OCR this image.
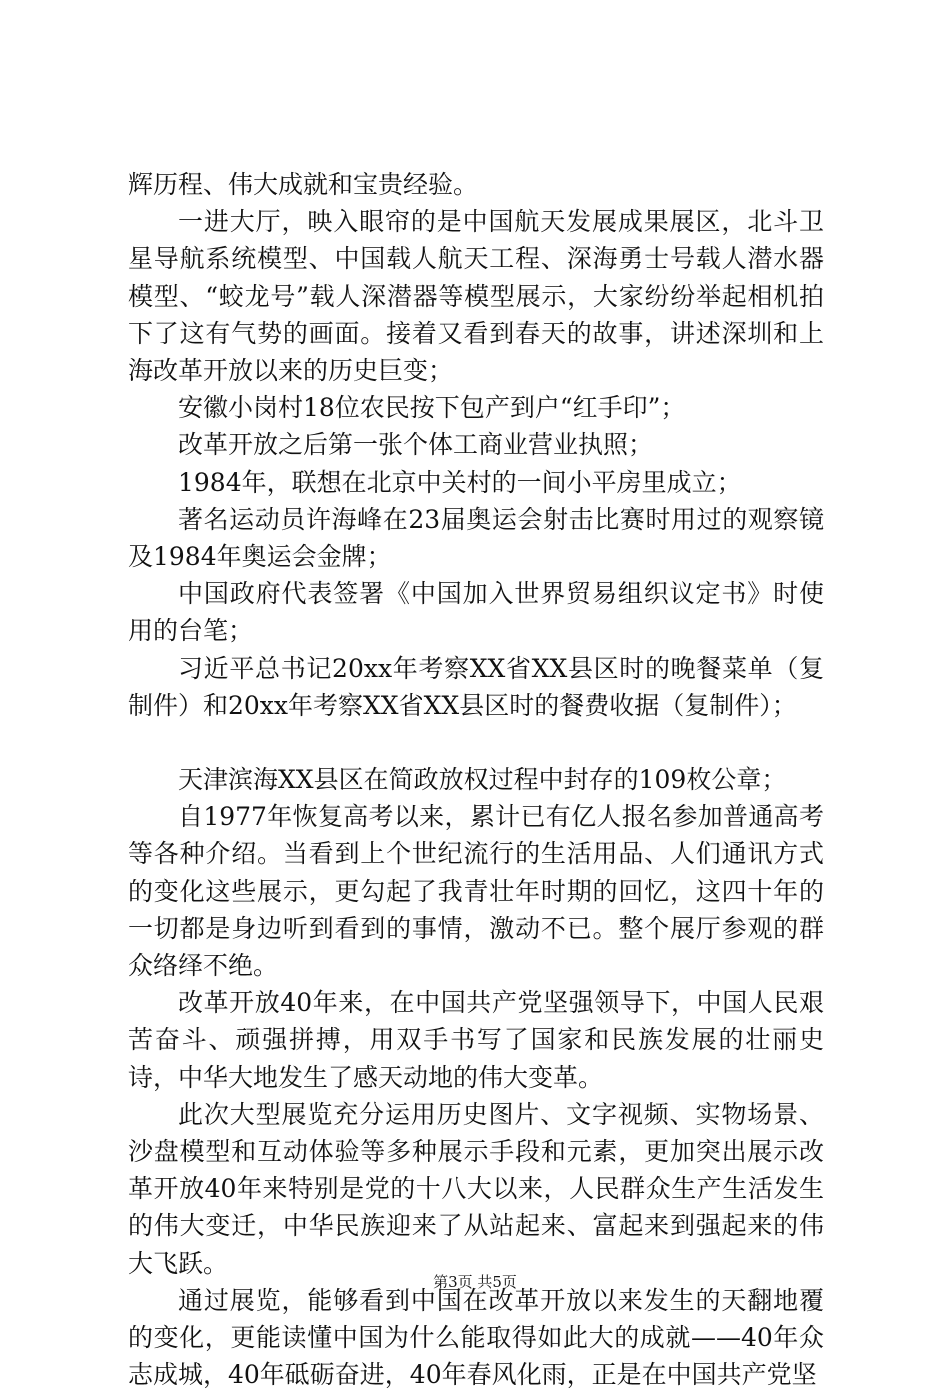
辉历程、伟大成就和宝贵经验。

一进大厅，映入眼帘的是中国航天发展成果展区，北斗卫星导航系统模型、中国载人航天工程、深海勇士号载人潜水器模型、“蛟龙号”载人深潜器等模型展示，大家纷纷举起相机拍下了这有气势的画面。接着又看到春天的故事，讲述深圳和上海改革开放以来的历史巨变；

安徽小岗村18位农民按下包产到户“红手印”；

改革开放之后第一张个体工商业营业执照；

1984年，联想在北京中关村的一间小平房里成立；

著名运动员许海峰在23届奥运会射击比赛时用过的观察镜及1984年奥运会金牌；

中国政府代表签署《中国加入世界贸易组织议定书》时使用的台笔；

习近平总书记20xx年考察XX省XX县区时的晚餐菜单（复制件）和20xx年考察XX省XX县区时的餐费收据（复制件）；

天津滨海XX县区在简政放权过程中封存的109枚公章；

自1977年恢复高考以来，累计已有亿人报名参加普通高考等各种介绍。当看到上个世纪流行的生活用品、人们通讯方式的变化这些展示，更勾起了我青壮年时期的回忆，这四十年的一切都是身边听到看到的事情，激动不已。整个展厅参观的群众络绎不绝。

改革开放40年来，在中国共产党坚强领导下，中国人民艰苦奋斗、顽强拼搏，用双手书写了国家和民族发展的壮丽史诗，中华大地发生了感天动地的伟大变革。

此次大型展览充分运用历史图片、文字视频、实物场景、沙盘模型和互动体验等多种展示手段和元素，更加突出展示改革开放40年来特别是党的十八大以来，人民群众生产生活发生的伟大变迁，中华民族迎来了从站起来、富起来到强起来的伟大飞跃。

通过展览，能够看到中国在改革开放以来发生的天翻地覆的变化，更能读懂中国为什么能取得如此大的成就——40年众志成城，40年砥砺奋进，40年春风化雨，正是在中国共产党坚

第3页 共5页
